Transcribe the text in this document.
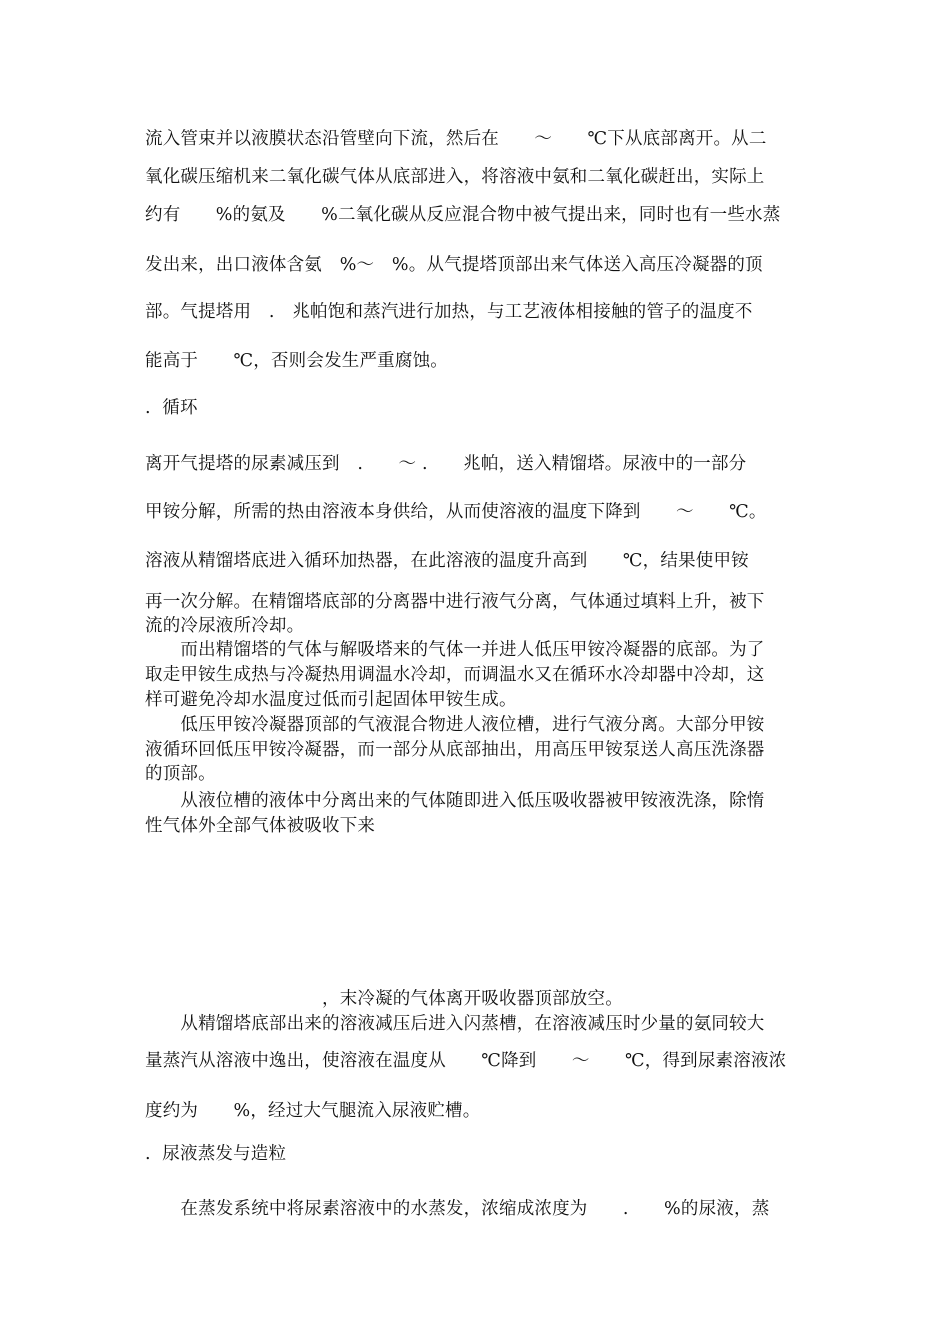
流入管束并以液膜状态沿管壁向下流，然后在　　～　　℃下从底部离开。从二
氧化碳压缩机来二氧化碳气体从底部进入，将溶液中氨和二氧化碳赶出，实际上
约有　　%的氨及　　%二氧化碳从反应混合物中被气提出来，同时也有一些水蒸
发出来，出口液体含氨　%～　%。从气提塔顶部出来气体送入高压冷凝器的顶
部。气提塔用　.　兆帕饱和蒸汽进行加热，与工艺液体相接触的管子的温度不
能高于　　℃，否则会发生严重腐蚀。
.  循环
离开气提塔的尿素减压到　.　　～ .　　兆帕，送入精馏塔。尿液中的一部分
甲铵分解，所需的热由溶液本身供给，从而使溶液的温度下降到　　～　　℃。
溶液从精馏塔底进入循环加热器，在此溶液的温度升高到　　℃，结果使甲铵
再一次分解。在精馏塔底部的分离器中进行液气分离，气体通过填料上升，被下
流的冷尿液所冷却。
　　而出精馏塔的气体与解吸塔来的气体一并进人低压甲铵冷凝器的底部。为了
取走甲铵生成热与冷凝热用调温水冷却，而调温水又在循环水冷却器中冷却，这
样可避免冷却水温度过低而引起固体甲铵生成。
　　低压甲铵冷凝器顶部的气液混合物进人液位槽，进行气液分离。大部分甲铵
液循环回低压甲铵冷凝器，而一部分从底部抽出，用高压甲铵泵送人高压洗涤器
的顶部。
　　从液位槽的液体中分离出来的气体随即进入低压吸收器被甲铵液洗涤，除惰
性气体外全部气体被吸收下来
　　　　　　　　　　，末冷凝的气体离开吸收器顶部放空。
　　从精馏塔底部出来的溶液减压后进入闪蒸槽，在溶液减压时少量的氨同较大
量蒸汽从溶液中逸出，使溶液在温度从　　℃降到　　～　　℃，得到尿素溶液浓
度约为　　%，经过大气腿流入尿液贮槽。
.  尿液蒸发与造粒
　　在蒸发系统中将尿素溶液中的水蒸发，浓缩成浓度为　　.　　%的尿液，蒸
